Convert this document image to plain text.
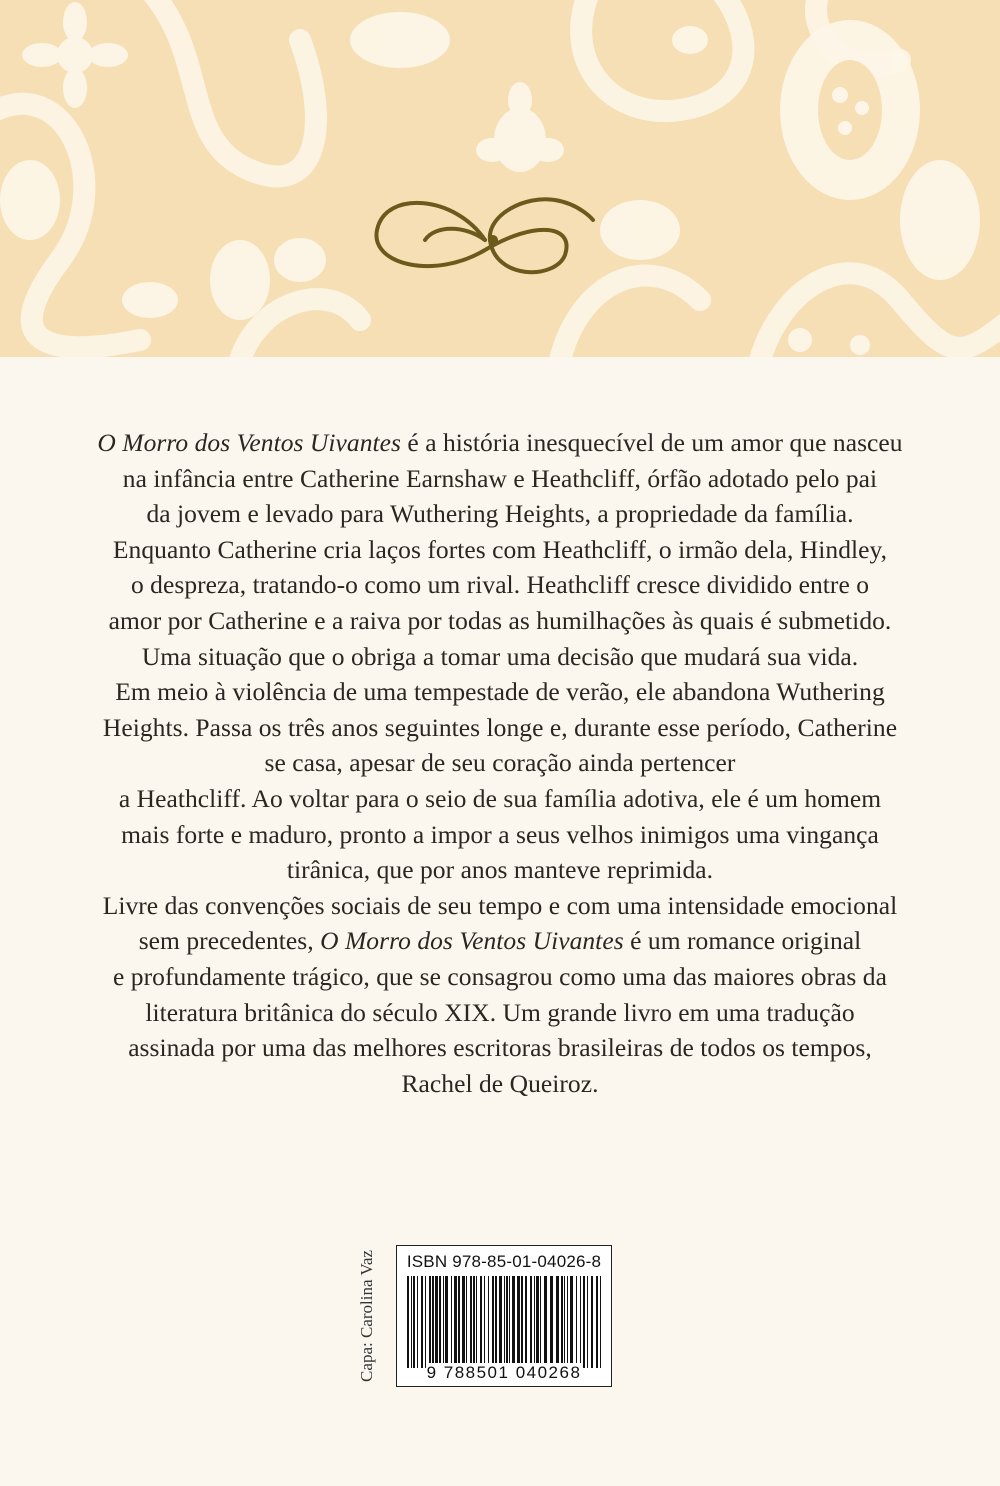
O Morro dos Ventos Uivantes é a história inesquecível de um amor que nasceu
na infância entre Catherine Earnshaw e Heathcliff, órfão adotado pelo pai
da jovem e levado para Wuthering Heights, a propriedade da família.
Enquanto Catherine cria laços fortes com Heathcliff, o irmão dela, Hindley,
o despreza, tratando-o como um rival. Heathcliff cresce dividido entre o
amor por Catherine e a raiva por todas as humilhações às quais é submetido.
Uma situação que o obriga a tomar uma decisão que mudará sua vida.
Em meio à violência de uma tempestade de verão, ele abandona Wuthering
Heights. Passa os três anos seguintes longe e, durante esse período, Catherine
se casa, apesar de seu coração ainda pertencer
a Heathcliff. Ao voltar para o seio de sua família adotiva, ele é um homem
mais forte e maduro, pronto a impor a seus velhos inimigos uma vingança
tirânica, que por anos manteve reprimida.
Livre das convenções sociais de seu tempo e com uma intensidade emocional
sem precedentes, O Morro dos Ventos Uivantes é um romance original
e profundamente trágico, que se consagrou como uma das maiores obras da
literatura britânica do século XIX. Um grande livro em uma tradução
assinada por uma das melhores escritoras brasileiras de todos os tempos,
Rachel de Queiroz.
Capa: Carolina Vaz	ISBN 978-85-01-04026-8
9 788501 040268
